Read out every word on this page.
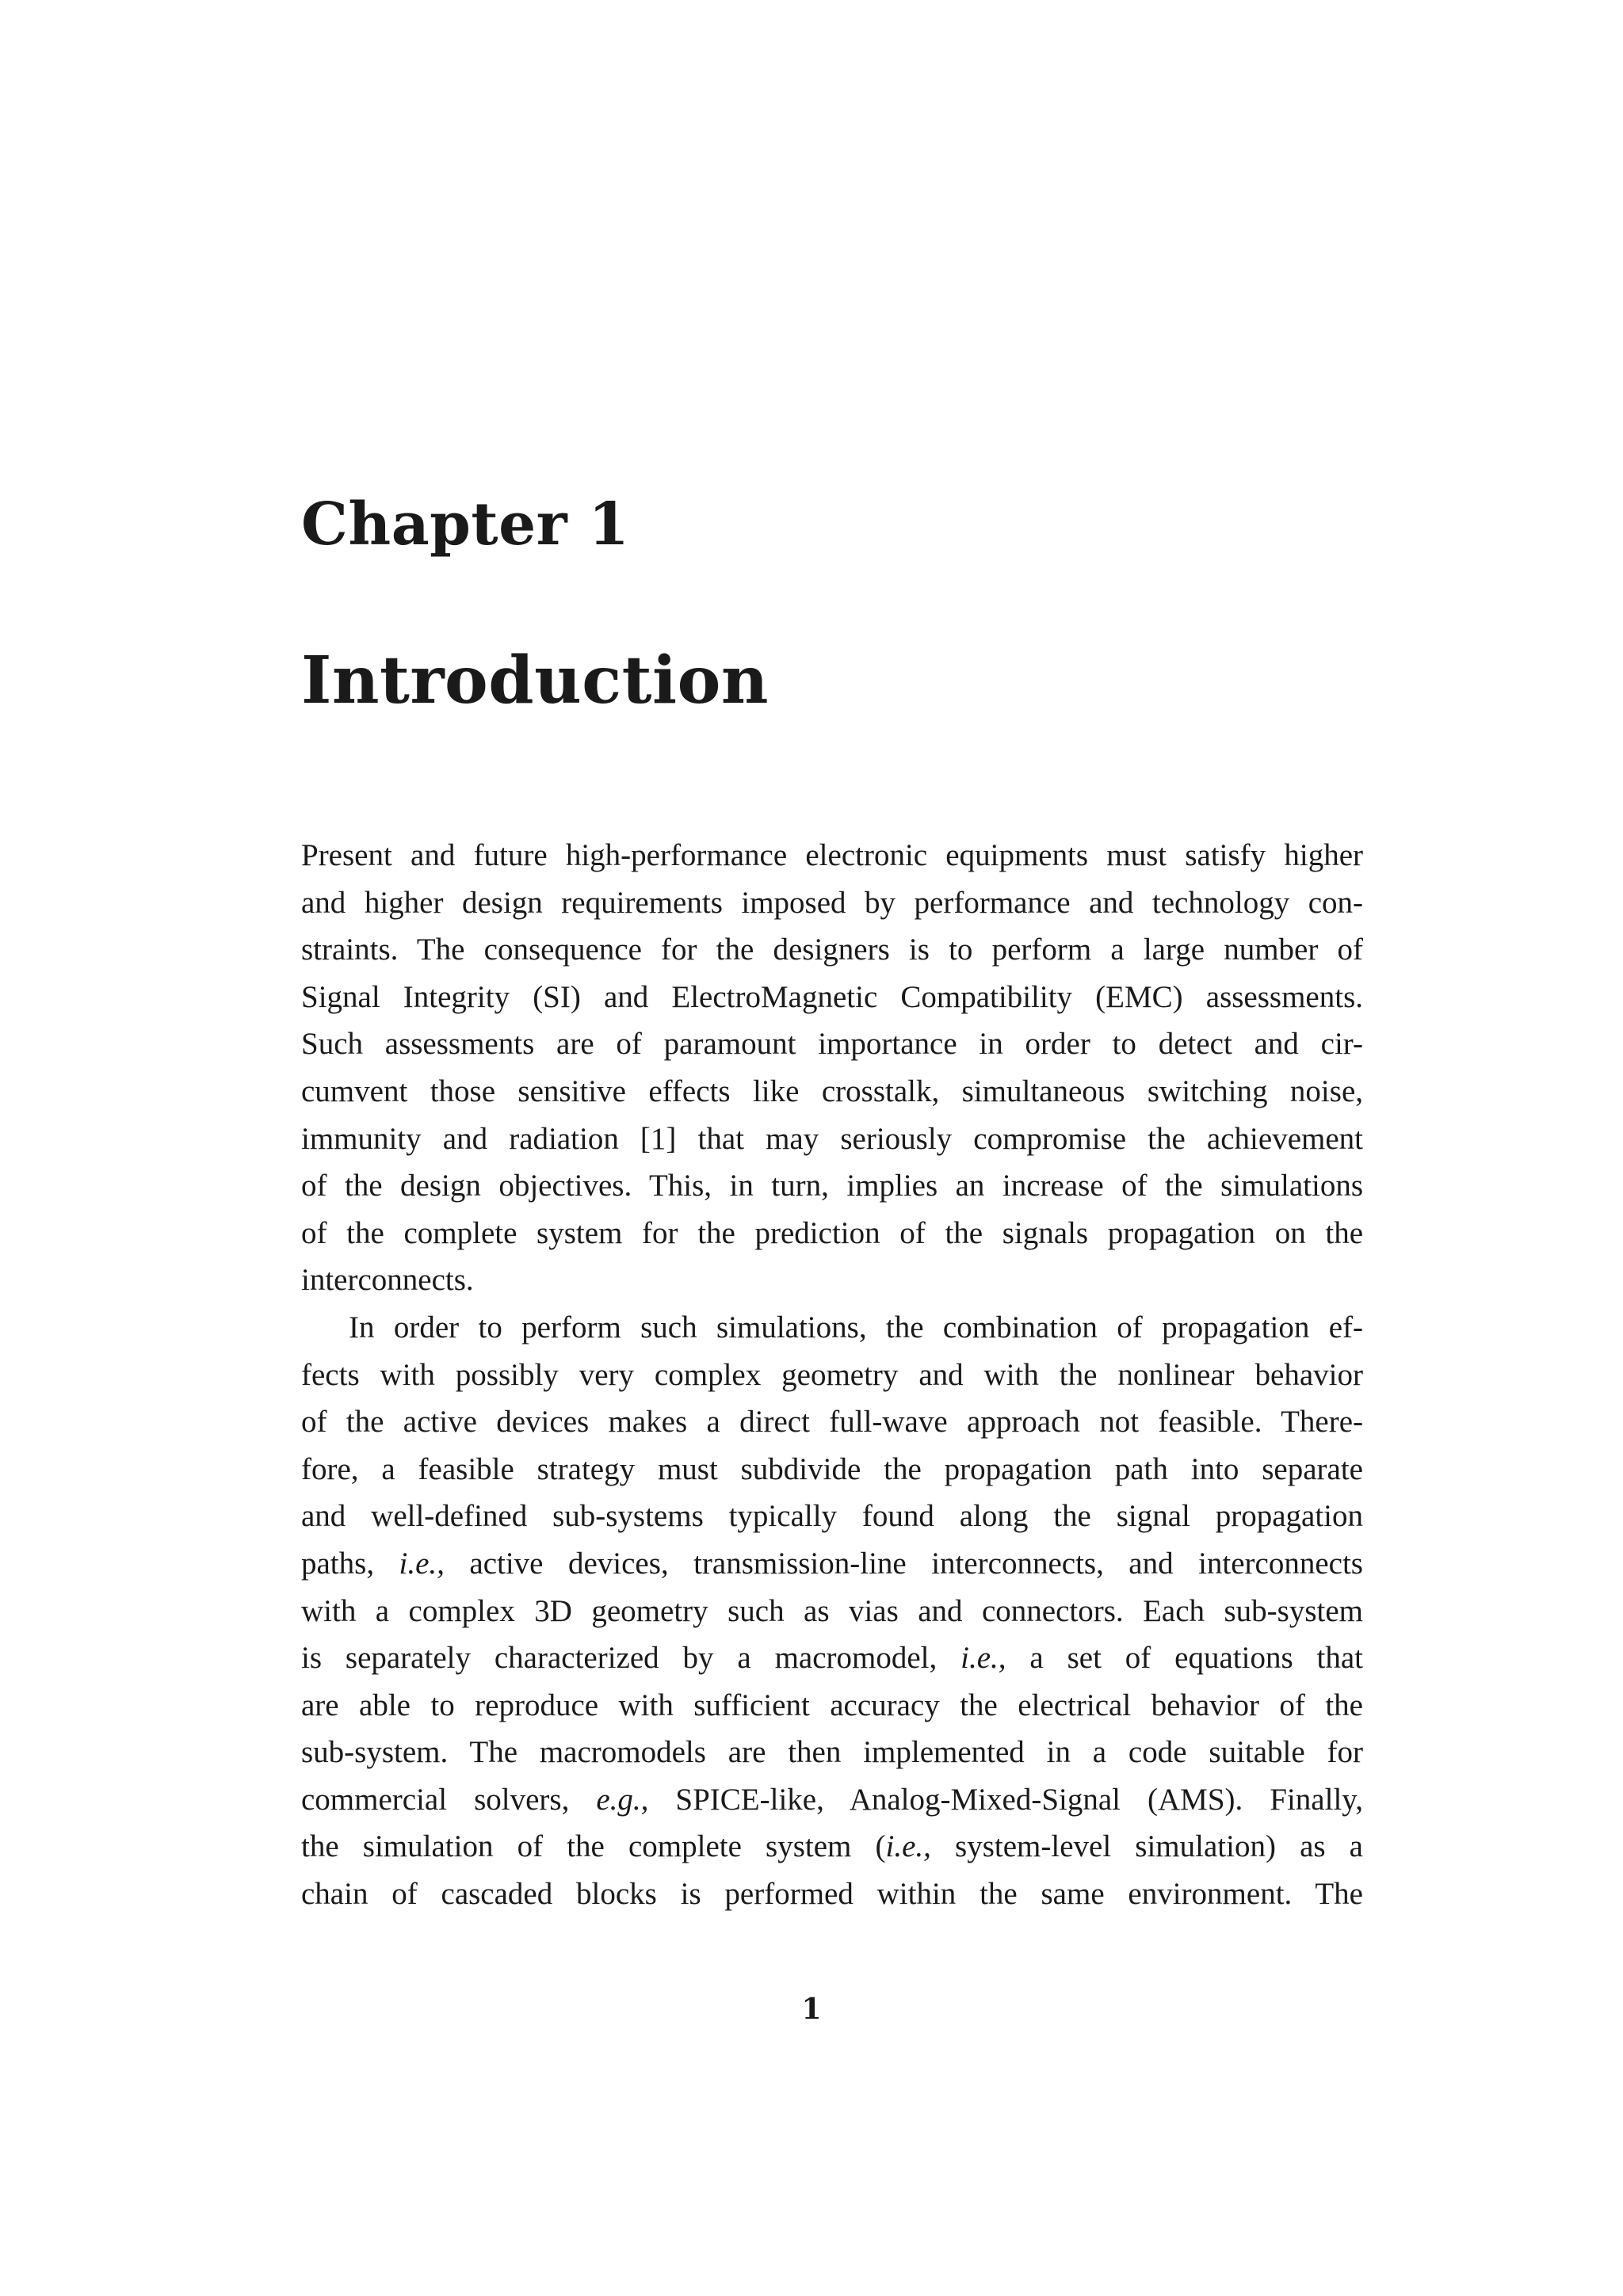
Chapter 1
Introduction
Present and future high-performance electronic equipments must satisfy higher
and higher design requirements imposed by performance and technology con-
straints. The consequence for the designers is to perform a large number of
Signal Integrity (SI) and ElectroMagnetic Compatibility (EMC) assessments.
Such assessments are of paramount importance in order to detect and cir-
cumvent those sensitive effects like crosstalk, simultaneous switching noise,
immunity and radiation [1] that may seriously compromise the achievement
of the design objectives. This, in turn, implies an increase of the simulations
of the complete system for the prediction of the signals propagation on the
interconnects.
In order to perform such simulations, the combination of propagation ef-
fects with possibly very complex geometry and with the nonlinear behavior
of the active devices makes a direct full-wave approach not feasible. There-
fore, a feasible strategy must subdivide the propagation path into separate
and well-defined sub-systems typically found along the signal propagation
paths, i.e., active devices, transmission-line interconnects, and interconnects
with a complex 3D geometry such as vias and connectors. Each sub-system
is separately characterized by a macromodel, i.e., a set of equations that
are able to reproduce with sufficient accuracy the electrical behavior of the
sub-system. The macromodels are then implemented in a code suitable for
commercial solvers, e.g., SPICE-like, Analog-Mixed-Signal (AMS). Finally,
the simulation of the complete system (i.e., system-level simulation) as a
chain of cascaded blocks is performed within the same environment. The

1
